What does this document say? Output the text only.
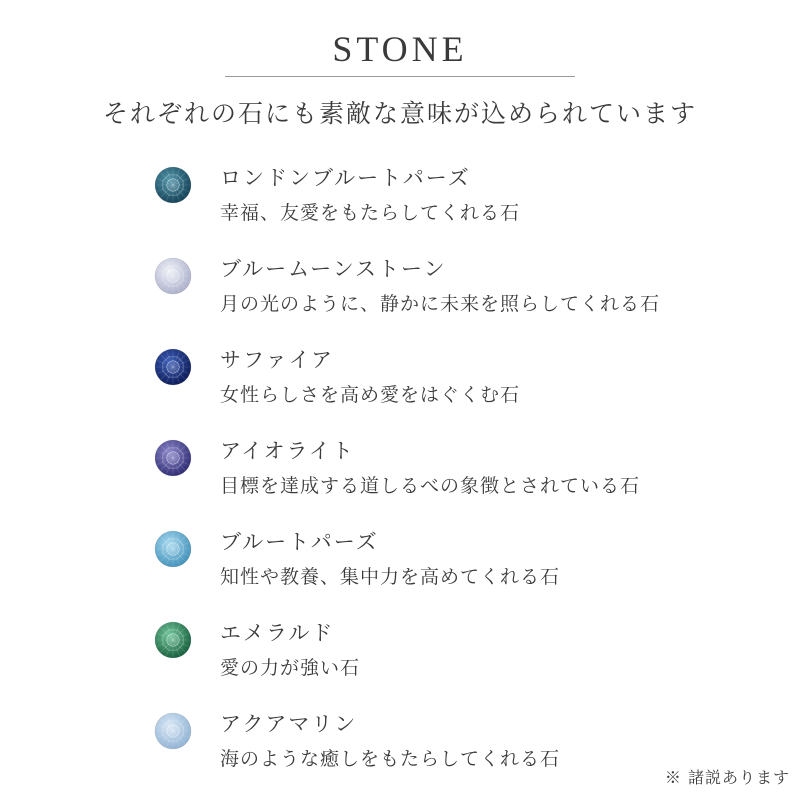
STONE
それぞれの石にも素敵な意味が込められています
ロンドンブルートパーズ
幸福、友愛をもたらしてくれる石
ブルームーンストーン
月の光のように、静かに未来を照らしてくれる石
サファイア
女性らしさを高め愛をはぐくむ石
アイオライト
目標を達成する道しるべの象徴とされている石
ブルートパーズ
知性や教養、集中力を高めてくれる石
エメラルド
愛の力が強い石
アクアマリン
海のような癒しをもたらしてくれる石
※ 諸説あります
